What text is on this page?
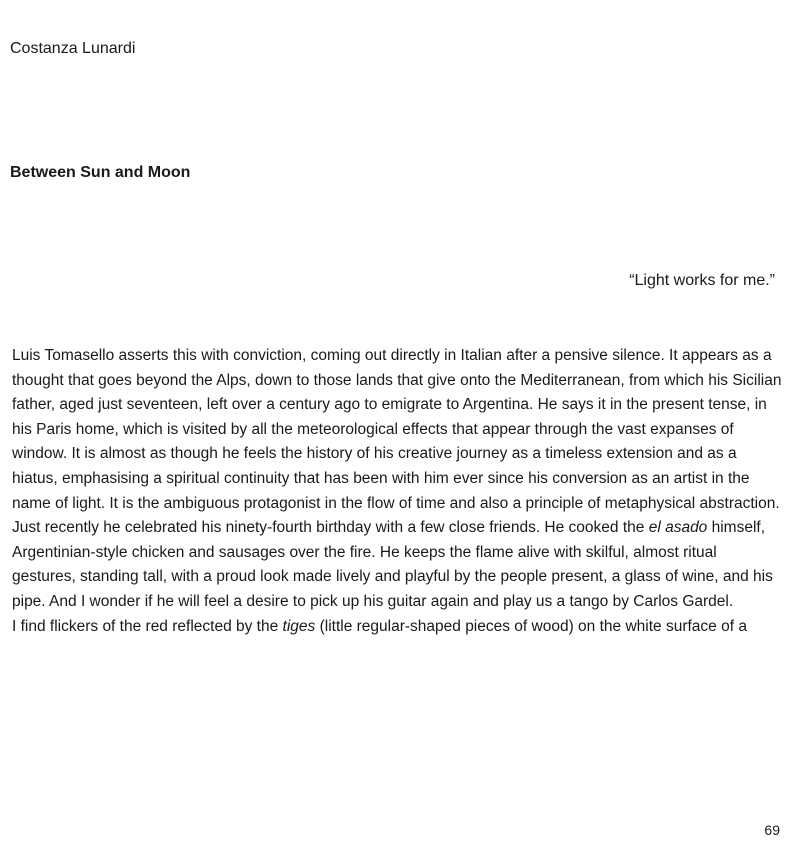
Costanza Lunardi
Between Sun and Moon
“Light works for me.”

Luis Tomasello asserts this with conviction, coming out directly in Italian after a pensive silence. It appears as a thought that goes beyond the Alps, down to those lands that give onto the Mediterranean, from which his Sicilian father, aged just seventeen, left over a century ago to emigrate to Argentina. He says it in the present tense, in his Paris home, which is visited by all the meteorological effects that appear through the vast expanses of window. It is almost as though he feels the history of his creative journey as a timeless extension and as a hiatus, emphasising a spiritual continuity that has been with him ever since his conversion as an artist in the name of light. It is the ambiguous protagonist in the flow of time and also a principle of metaphysical abstraction.

Just recently he celebrated his ninety-fourth birthday with a few close friends. He cooked the el asado himself, Argentinian-style chicken and sausages over the fire. He keeps the flame alive with skilful, almost ritual gestures, standing tall, with a proud look made lively and playful by the people present, a glass of wine, and his pipe. And I wonder if he will feel a desire to pick up his guitar again and play us a tango by Carlos Gardel.

I find flickers of the red reflected by the tiges (little regular-shaped pieces of wood) on the white surface of a

69
